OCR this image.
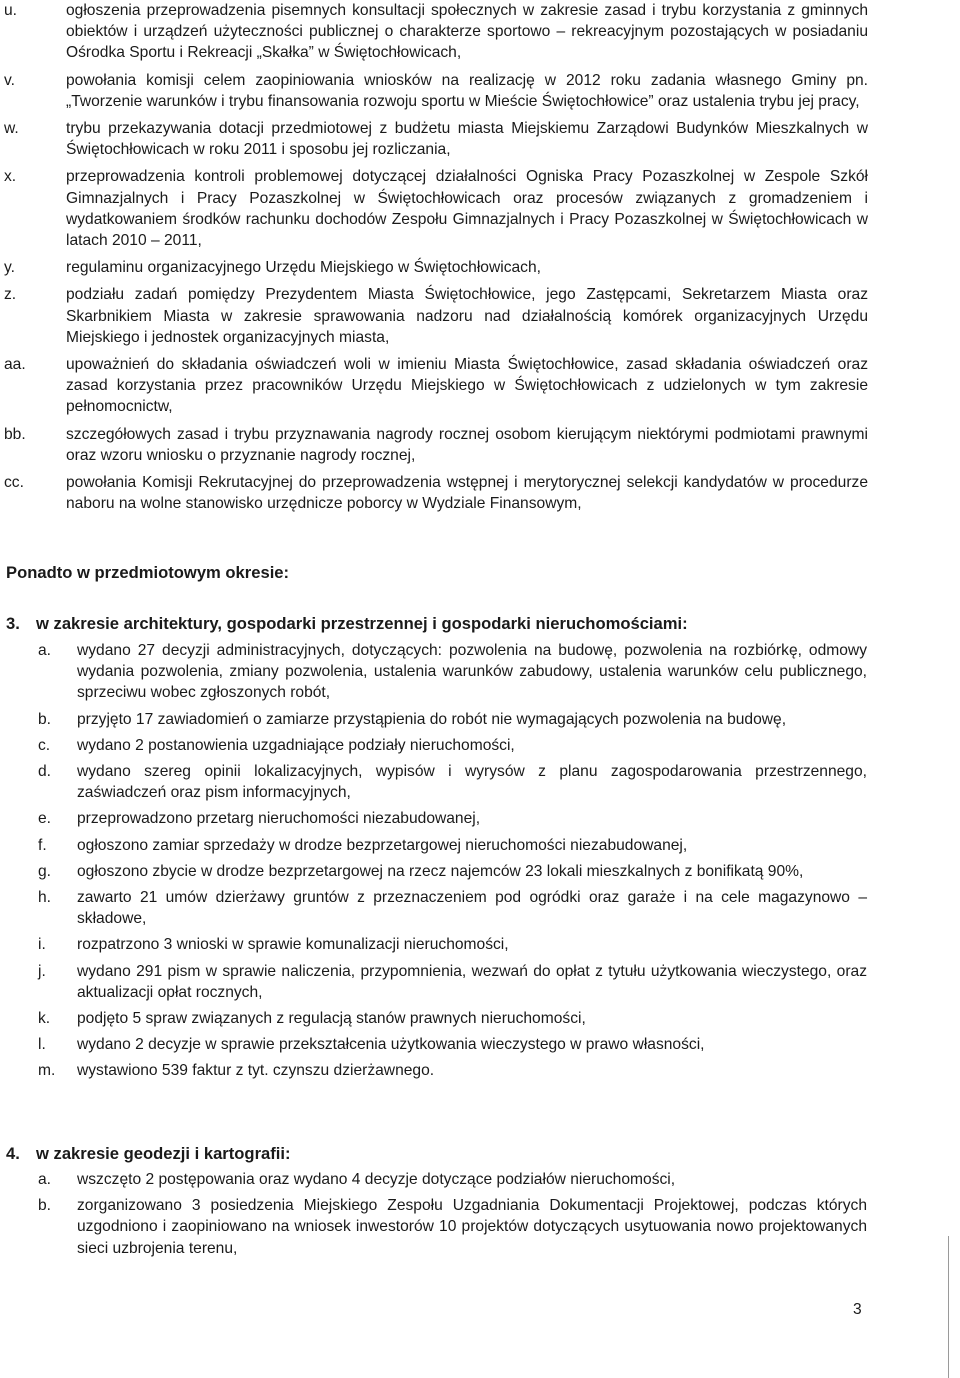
u.	ogłoszenia przeprowadzenia pisemnych konsultacji społecznych w zakresie zasad i trybu korzystania z gminnych obiektów i urządzeń użyteczności publicznej o charakterze sportowo – rekreacyjnym pozostających w posiadaniu Ośrodka Sportu i Rekreacji „Skałka” w Świętochłowicach,
v.	powołania komisji celem zaopiniowania wniosków na realizację w 2012 roku zadania własnego Gminy pn. „Tworzenie warunków i trybu finansowania rozwoju sportu w Mieście Świętochłowice” oraz ustalenia trybu jej pracy,
w.	trybu przekazywania dotacji przedmiotowej z budżetu miasta Miejskiemu Zarządowi Budynków Mieszkalnych w Świętochłowicach w roku 2011 i sposobu jej rozliczania,
x.	przeprowadzenia kontroli problemowej dotyczącej działalności Ogniska Pracy Pozaszkolnej w Zespole Szkół Gimnazjalnych i Pracy Pozaszkolnej w Świętochłowicach oraz procesów związanych z gromadzeniem i wydatkowaniem środków rachunku dochodów Zespołu Gimnazjalnych i Pracy Pozaszkolnej w Świętochłowicach w latach 2010 – 2011,
y.	regulaminu organizacyjnego Urzędu Miejskiego w Świętochłowicach,
z.	podziału zadań pomiędzy Prezydentem Miasta Świętochłowice, jego Zastępcami, Sekretarzem Miasta oraz Skarbnikiem Miasta w zakresie sprawowania nadzoru nad działalnością komórek organizacyjnych Urzędu Miejskiego i jednostek organizacyjnych miasta,
aa.	upoważnień do składania oświadczeń woli w imieniu Miasta Świętochłowice, zasad składania oświadczeń oraz zasad korzystania przez pracowników Urzędu Miejskiego w Świętochłowicach z udzielonych w tym zakresie pełnomocnictw,
bb.	szczegółowych zasad i trybu przyznawania nagrody rocznej osobom kierującym niektórymi podmiotami prawnymi oraz wzoru wniosku o przyznanie nagrody rocznej,
cc.	powołania Komisji Rekrutacyjnej do przeprowadzenia wstępnej i merytorycznej selekcji kandydatów w procedurze naboru na wolne stanowisko urzędnicze poborcy w Wydziale Finansowym,
Ponadto w przedmiotowym okresie:
3. w zakresie architektury, gospodarki przestrzennej i gospodarki nieruchomościami:
a. wydano 27 decyzji administracyjnych, dotyczących: pozwolenia na budowę, pozwolenia na rozbiórkę, odmowy wydania pozwolenia, zmiany pozwolenia, ustalenia warunków zabudowy, ustalenia warunków celu publicznego, sprzeciwu wobec zgłoszonych robót,
b. przyjęto 17 zawiadomień o zamiarze przystąpienia do robót nie wymagających pozwolenia na budowę,
c. wydano 2 postanowienia uzgadniające podziały nieruchomości,
d. wydano szereg opinii lokalizacyjnych, wypisów i wyrysów z planu zagospodarowania przestrzennego, zaświadczeń oraz pism informacyjnych,
e. przeprowadzono przetarg nieruchomości niezabudowanej,
f. ogłoszono zamiar sprzedaży w drodze bezprzetargowej nieruchomości niezabudowanej,
g. ogłoszono zbycie w drodze bezprzetargowej na rzecz najemców 23 lokali mieszkalnych z bonifikatą 90%,
h. zawarto 21 umów dzierżawy gruntów z przeznaczeniem pod ogródki oraz garaże i na cele magazynowo – składowe,
i. rozpatrzono 3 wnioski w sprawie komunalizacji nieruchomości,
j. wydano 291 pism w sprawie naliczenia, przypomnienia, wezwań do opłat z tytułu użytkowania wieczystego, oraz aktualizacji opłat rocznych,
k. podjęto 5 spraw związanych z regulacją stanów prawnych nieruchomości,
l. wydano 2 decyzje w sprawie przekształcenia użytkowania wieczystego w prawo własności,
m. wystawiono 539 faktur z tyt. czynszu dzierżawnego.
4. w zakresie geodezji i kartografii:
a. wszczęto 2 postępowania oraz wydano 4 decyzje dotyczące podziałów nieruchomości,
b. zorganizowano 3 posiedzenia Miejskiego Zespołu Uzgadniania Dokumentacji Projektowej, podczas których uzgodniono i zaopiniowano na wniosek inwestorów 10 projektów dotyczących usytuowania nowo projektowanych sieci uzbrojenia terenu,
3
